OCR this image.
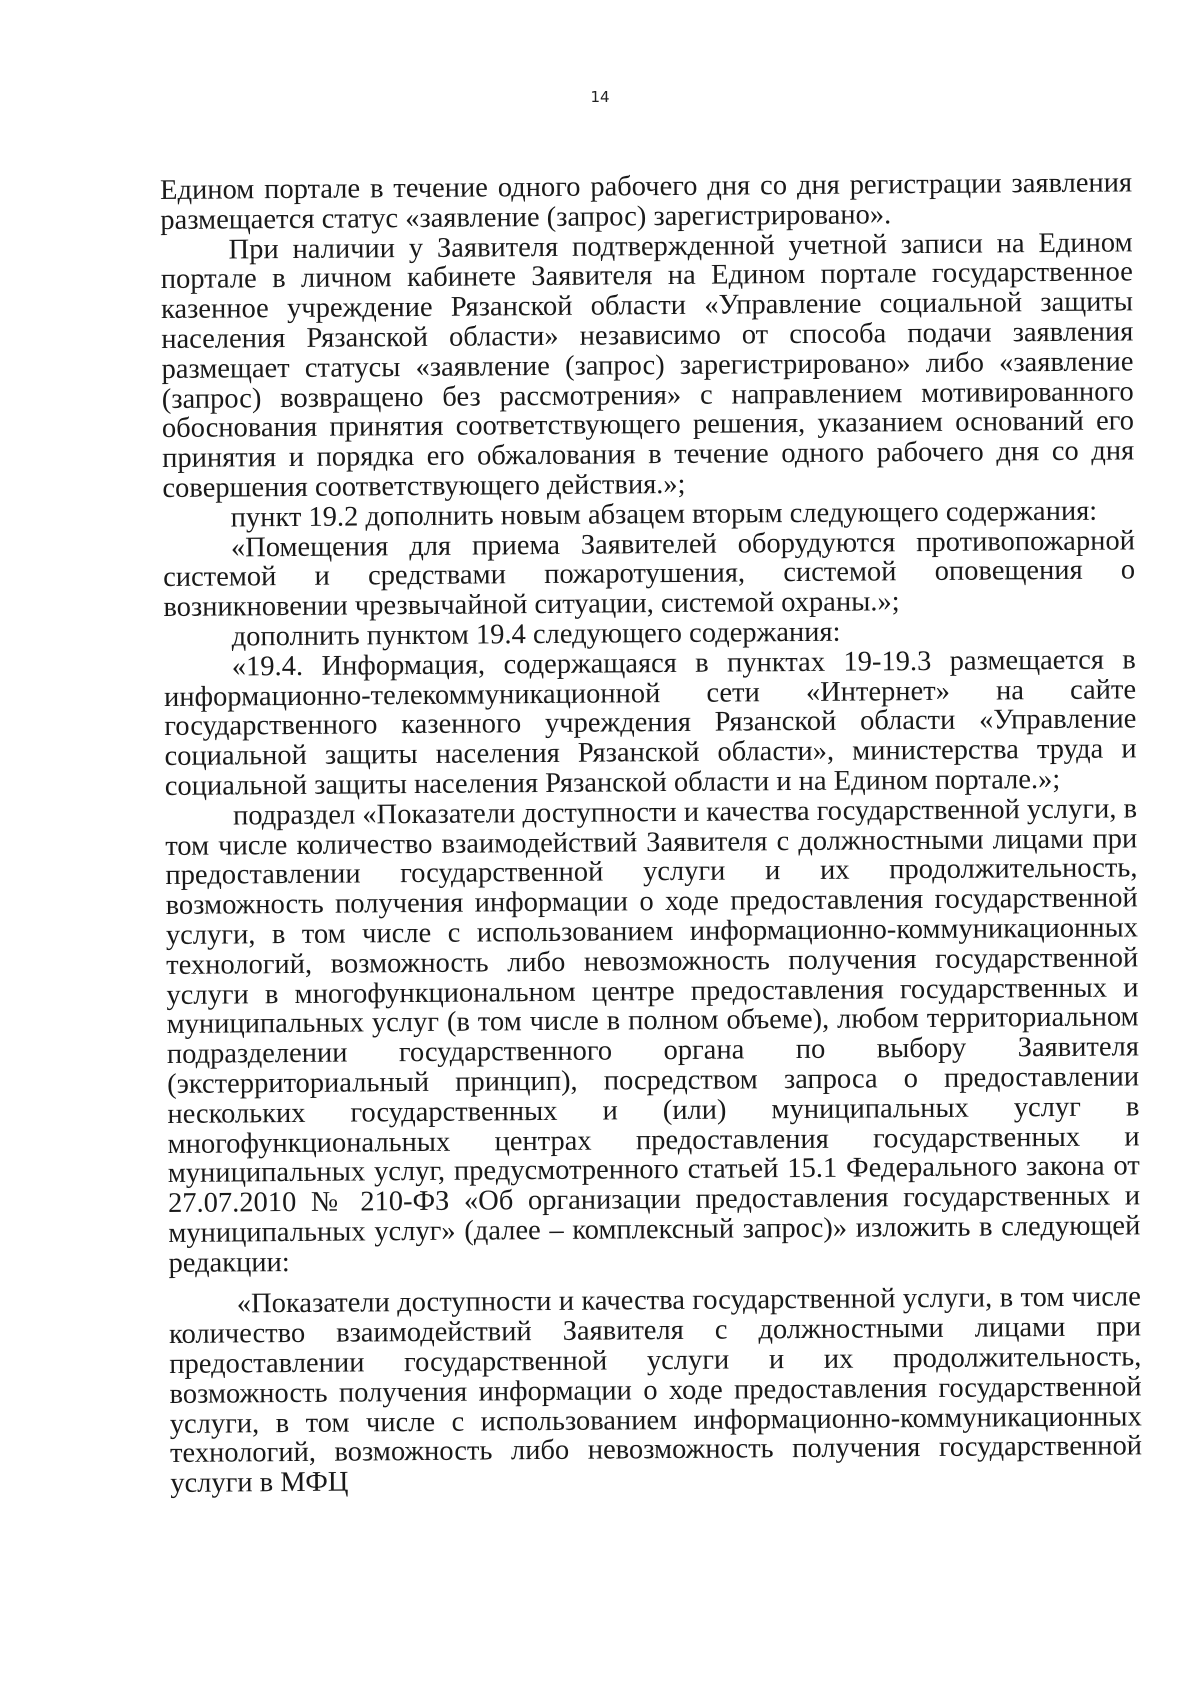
14

Едином портале в течение одного рабочего дня со дня регистрации заявления размещается статус «заявление (запрос) зарегистрировано».

При наличии у Заявителя подтвержденной учетной записи на Едином портале в личном кабинете Заявителя на Едином портале государственное казенное учреждение Рязанской области «Управление социальной защиты населения Рязанской области» независимо от способа подачи заявления размещает статусы «заявление (запрос) зарегистрировано» либо «заявление (запрос) возвращено без рассмотрения» с направлением мотивированного обоснования принятия соответствующего решения, указанием оснований его принятия и порядка его обжалования в течение одного рабочего дня со дня совершения соответствующего действия.»;

пункт 19.2 дополнить новым абзацем вторым следующего содержания:

«Помещения для приема Заявителей оборудуются противопожарной системой и средствами пожаротушения, системой оповещения о возникновении чрезвычайной ситуации, системой охраны.»;

дополнить пунктом 19.4 следующего содержания:

«19.4. Информация, содержащаяся в пунктах 19-19.3 размещается в информационно-телекоммуникационной сети «Интернет» на сайте государственного казенного учреждения Рязанской области «Управление социальной защиты населения Рязанской области», министерства труда и социальной защиты населения Рязанской области и на Едином портале.»;

подраздел «Показатели доступности и качества государственной услуги, в том числе количество взаимодействий Заявителя с должностными лицами при предоставлении государственной услуги и их продолжительность, возможность получения информации о ходе предоставления государственной услуги, в том числе с использованием информационно-коммуникационных технологий, возможность либо невозможность получения государственной услуги в многофункциональном центре предоставления государственных и муниципальных услуг (в том числе в полном объеме), любом территориальном подразделении государственного органа по выбору Заявителя (экстерриториальный принцип), посредством запроса о предоставлении нескольких государственных и (или) муниципальных услуг в многофункциональных центрах предоставления государственных и муниципальных услуг, предусмотренного статьей 15.1 Федерального закона от 27.07.2010 № 210-ФЗ «Об организации предоставления государственных и муниципальных услуг» (далее – комплексный запрос)» изложить в следующей редакции:

«Показатели доступности и качества государственной услуги, в том числе количество взаимодействий Заявителя с должностными лицами при предоставлении государственной услуги и их продолжительность, возможность получения информации о ходе предоставления государственной услуги, в том числе с использованием информационно-коммуникационных технологий, возможность либо невозможность получения государственной услуги в МФЦ
